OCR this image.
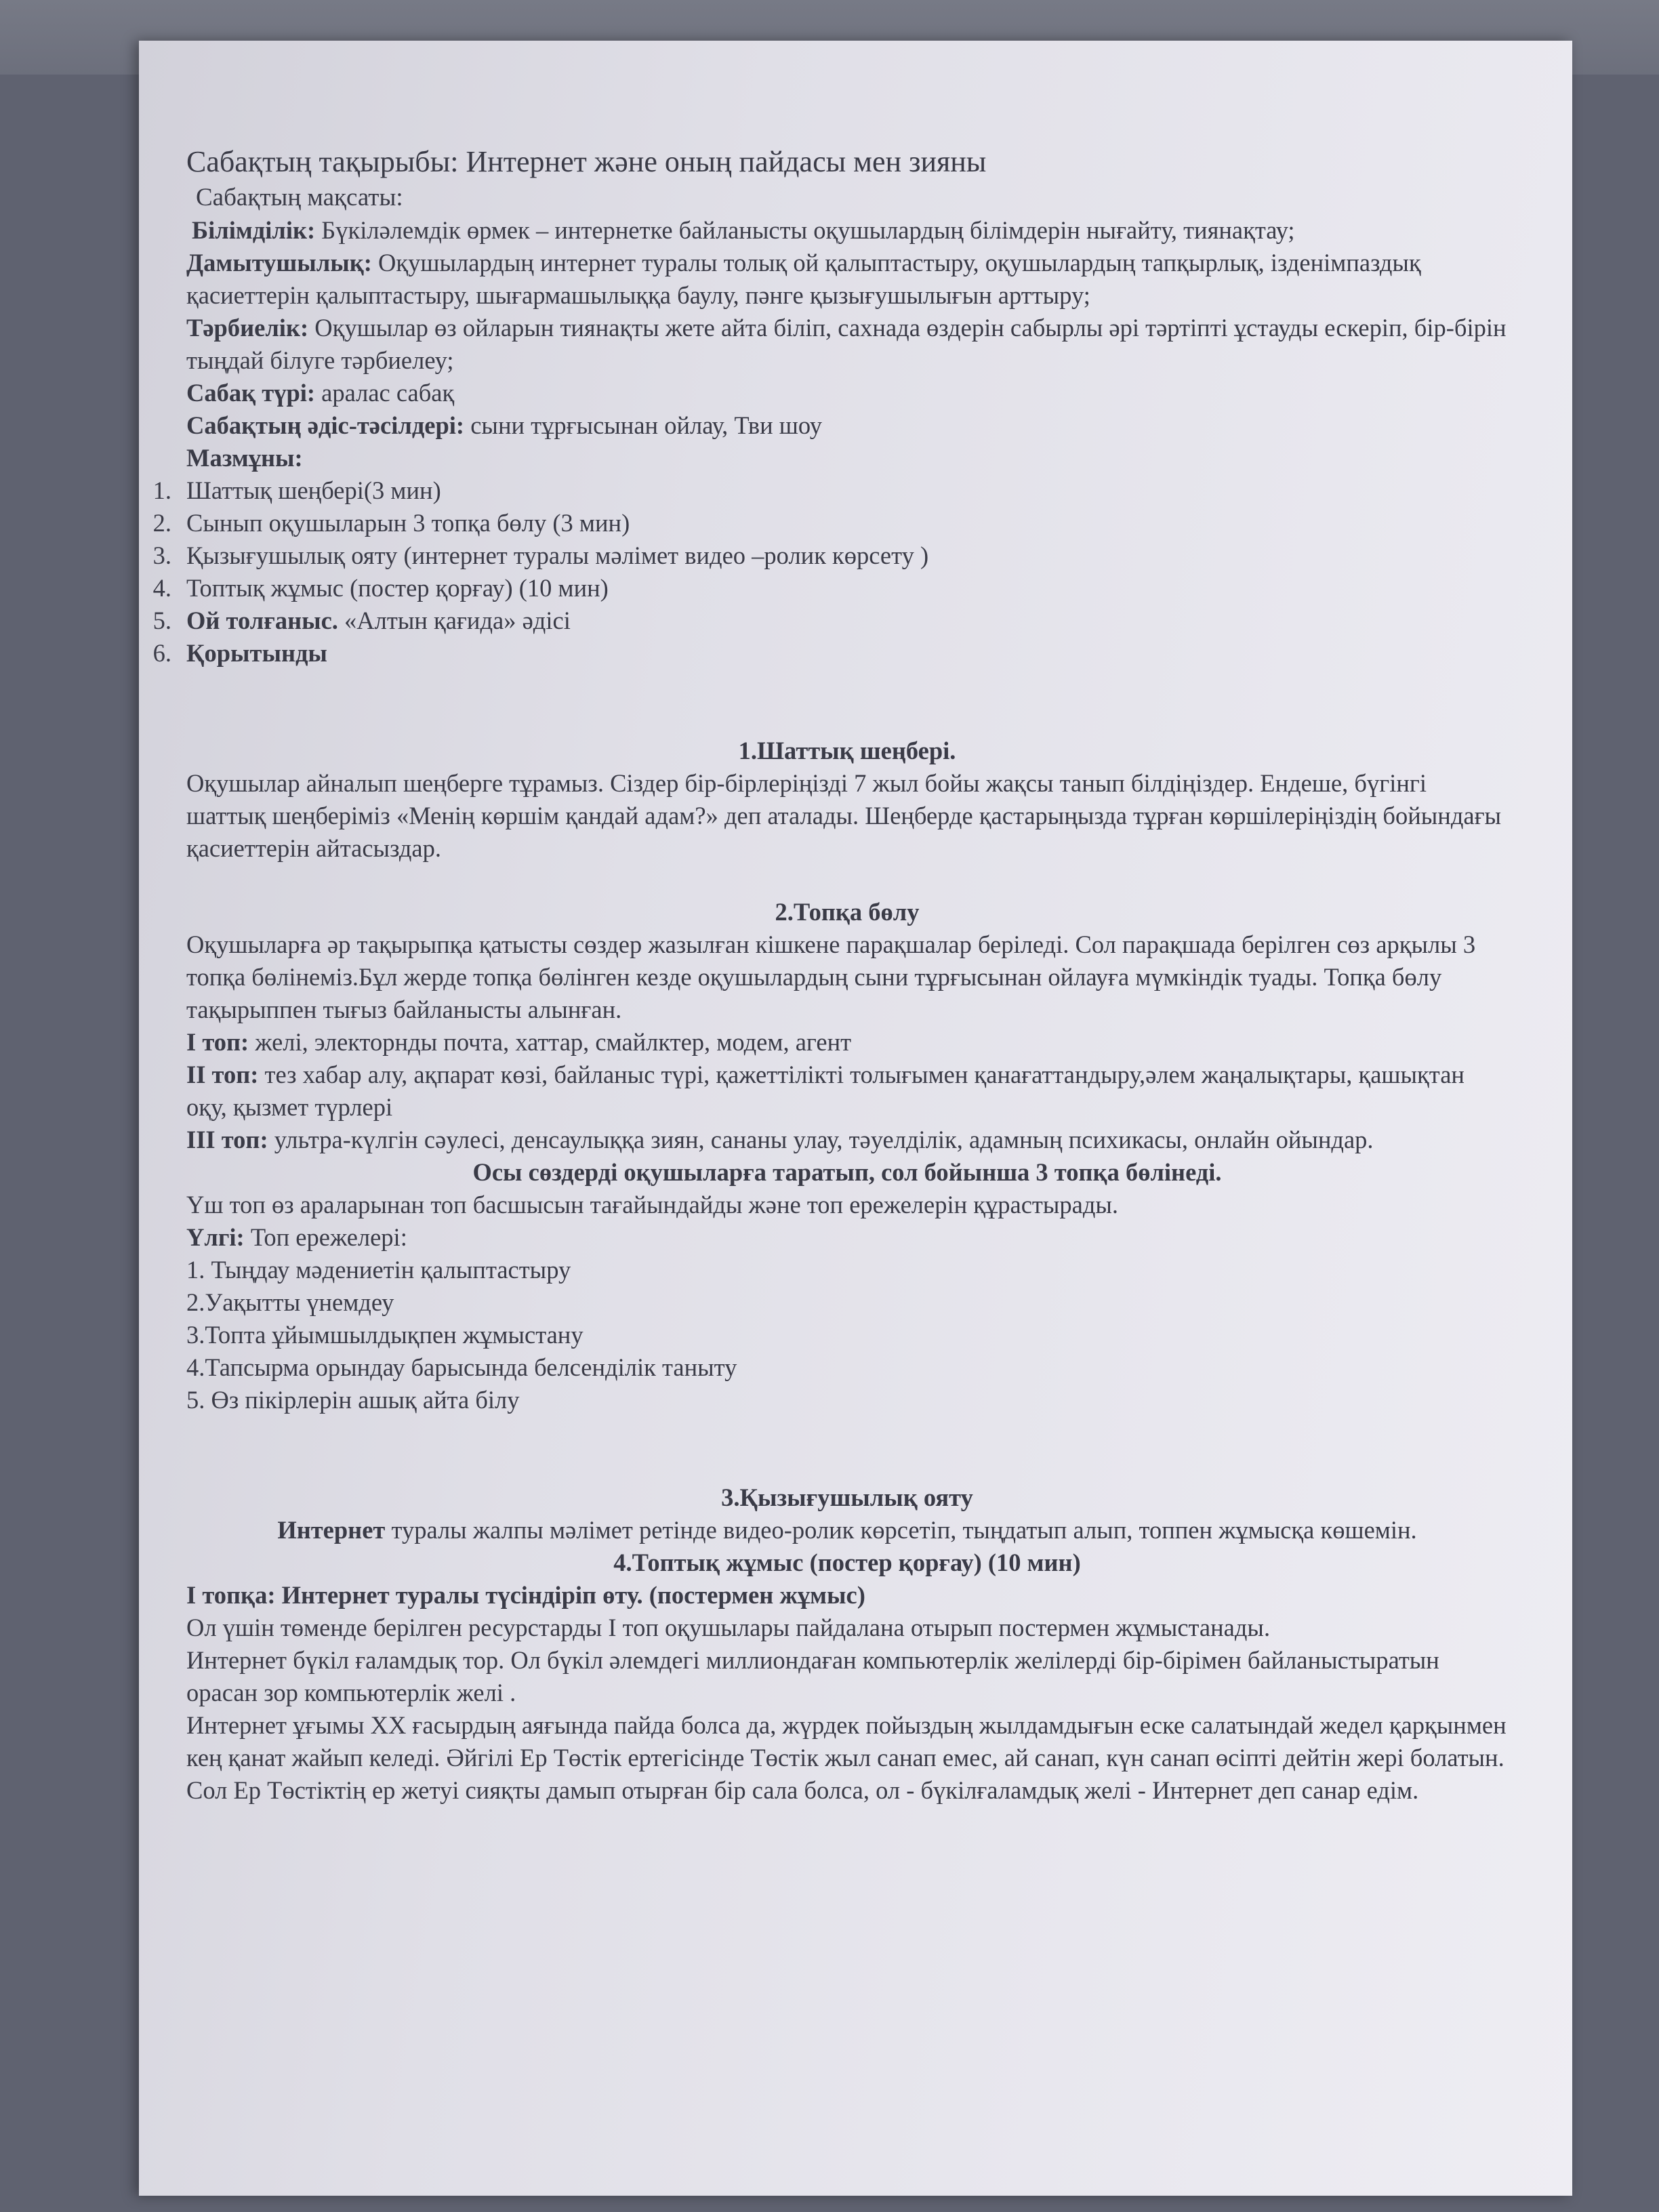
Сабақтың тақырыбы: Интернет және оның пайдасы мен зияны

Сабақтың мақсаты:

Білімділік: Бүкіләлемдік өрмек – интернетке байланысты оқушылардың білімдерін нығайту, тиянақтау;

Дамытушылық: Оқушылардың интернет туралы толық ой қалыптастыру, оқушылардың тапқырлық, ізденімпаздық қасиеттерін қалыптастыру, шығармашылыққа баулу, пәнге қызығушылығын арттыру;

Тәрбиелік: Оқушылар өз ойларын тиянақты жете айта біліп, сахнада өздерін сабырлы әрі тәртіпті ұстауды ескеріп, бір-бірін тыңдай білуге тәрбиелеу;

Сабақ түрі: аралас сабақ

Сабақтың әдіс-тәсілдері: сыни тұрғысынан ойлау, Тви шоу

Мазмұны:

1. Шаттық шеңбері(3 мин)
2. Сынып оқушыларын 3 топқа бөлу (3 мин)
3. Қызығушылық ояту (интернет туралы мәлімет видео –ролик көрсету )
4. Топтық жұмыс (постер қорғау) (10 мин)
5. Ой толғаныс. «Алтын қағида» әдісі
6. Қорытынды

1.Шаттық шеңбері.

Оқушылар айналып шеңберге тұрамыз. Сіздер бір-бірлеріңізді 7 жыл бойы жақсы танып білдіңіздер. Ендеше, бүгінгі шаттық шеңберіміз «Менің көршім қандай адам?» деп аталады. Шеңберде қастарыңызда тұрған көршілеріңіздің бойындағы қасиеттерін айтасыздар.

2.Топқа бөлу

Оқушыларға әр тақырыпқа қатысты сөздер жазылған кішкене парақшалар беріледі. Сол парақшада берілген сөз арқылы 3 топқа бөлінеміз.Бұл жерде топқа бөлінген кезде оқушылардың сыни тұрғысынан ойлауға мүмкіндік туады. Топқа бөлу тақырыппен тығыз байланысты алынған.

І топ: желі, электорнды почта, хаттар, смайлктер, модем, агент

ІІ топ: тез хабар алу, ақпарат көзі, байланыс түрі, қажеттілікті толығымен қанағаттандыру,әлем жаңалықтары, қашықтан оқу, қызмет түрлері

ІІІ топ: ультра-күлгін сәулесі, денсаулыққа зиян, сананы улау, тәуелділік, адамның психикасы, онлайн ойындар.

Осы сөздерді оқушыларға таратып, сол бойынша 3 топқа бөлінеді.

Үш топ өз араларынан топ басшысын тағайындайды және топ ережелерін құрастырады.

Үлгі: Топ ережелері:

1. Тыңдау мәдениетін қалыптастыру

2.Уақытты үнемдеу

3.Топта ұйымшылдықпен жұмыстану

4.Тапсырма орындау барысында белсенділік таныту

5. Өз пікірлерін ашық айта білу

3.Қызығушылық ояту

Интернет туралы жалпы мәлімет ретінде видео-ролик көрсетіп, тыңдатып алып, топпен жұмысқа көшемін.

4.Топтық жұмыс (постер қорғау) (10 мин)

І топқа: Интернет туралы түсіндіріп өту. (постермен жұмыс)

Ол үшін төменде берілген ресурстарды І топ оқушылары пайдалана отырып постермен жұмыстанады.

Интернет бүкіл ғаламдық тор. Ол бүкіл әлемдегі миллиондаған компьютерлік желілерді бір-бірімен байланыстыратын орасан зор компьютерлік желі .

Интернет ұғымы ХХ ғасырдың аяғында пайда болса да, жүрдек пойыздың жылдамдығын еске салатындай жедел қарқынмен кең қанат жайып келеді. Әйгілі Ер Төстік ертегісінде Төстік жыл санап емес, ай санап, күн санап өсіпті дейтін жері болатын. Сол Ер Төстіктің ер жетуі сияқты дамып отырған бір сала болса, ол - бүкілғаламдық желі - Интернет деп санар едім.
